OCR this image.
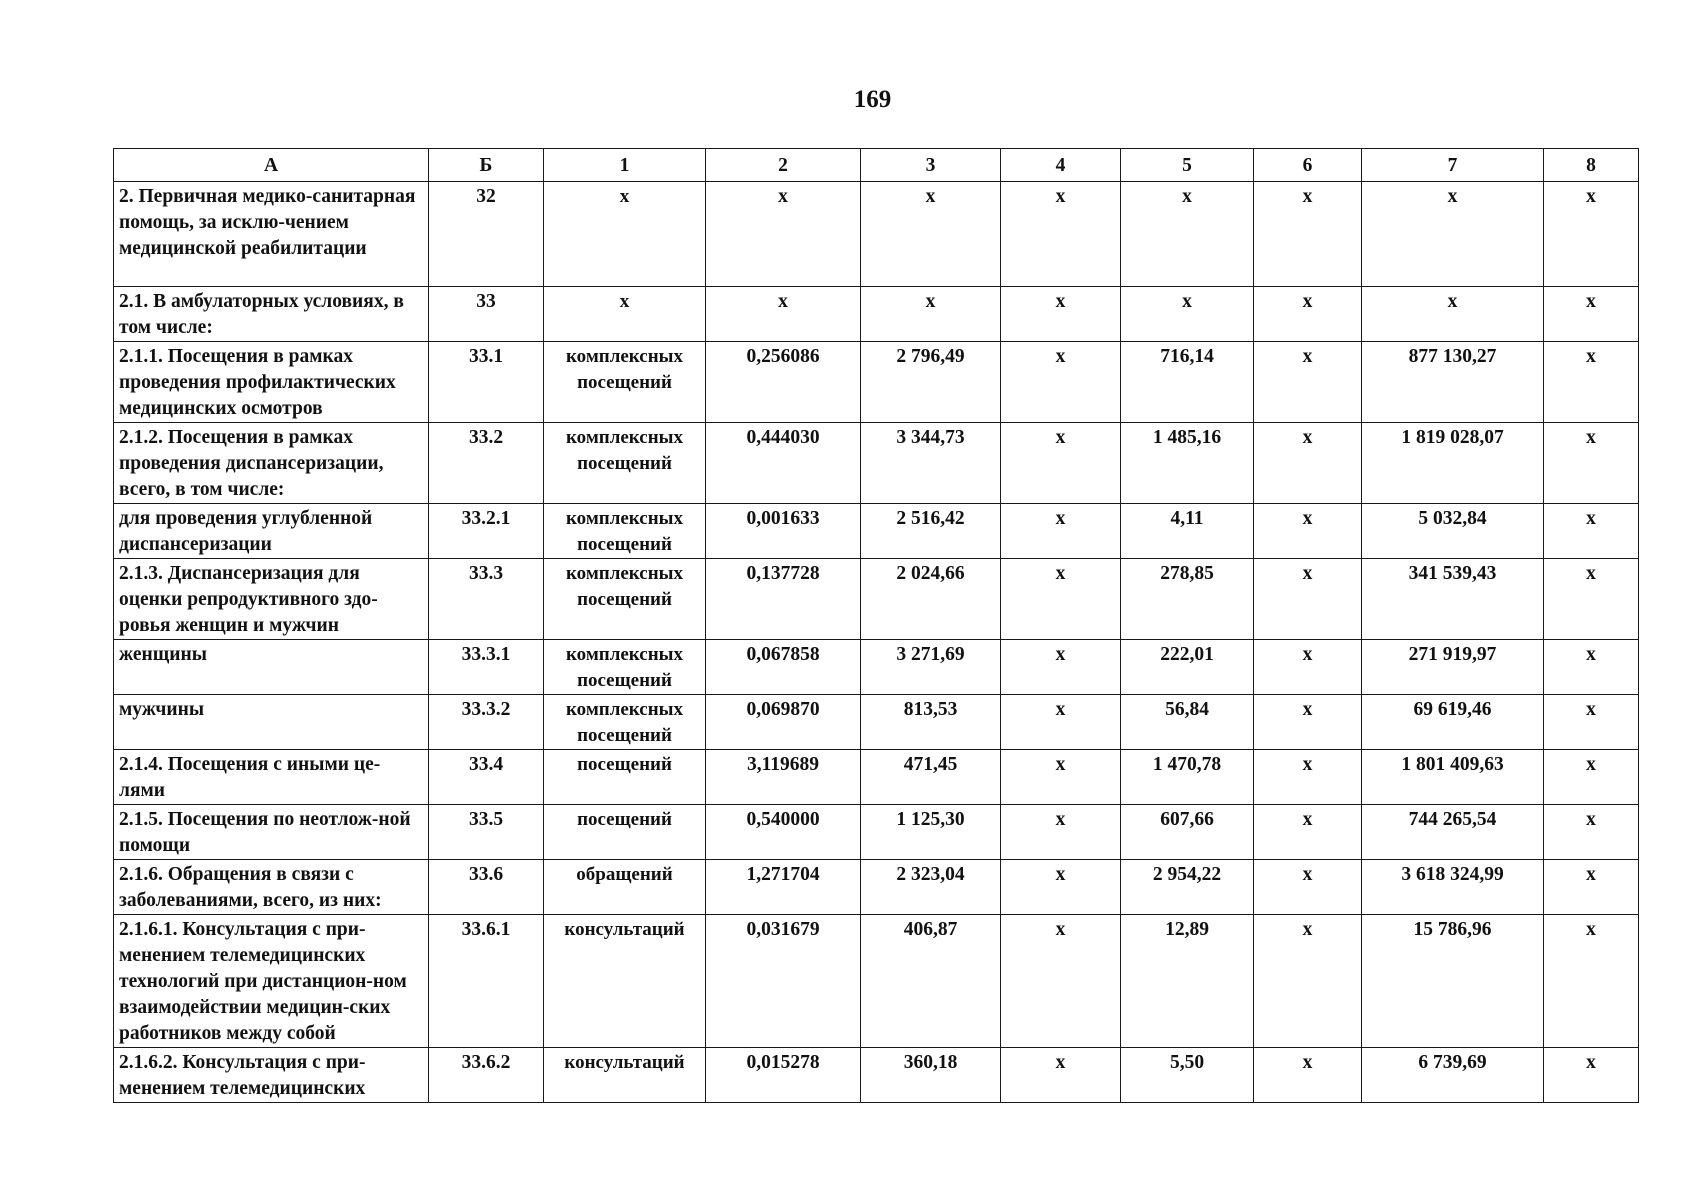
169
А	Б	1	2	3	4	5	6	7	8
2. Первичная медико-санитарная помощь, за исклю-чением медицинской реабилитации	32	х	х	х	х	х	х	х	х
2.1. В амбулаторных условиях, в том числе:	33	х	х	х	х	х	х	х	х
2.1.1. Посещения в рамках проведения профилактических медицинских осмотров	33.1	комплексных посещений	0,256086	2 796,49	х	716,14	х	877 130,27	х
2.1.2. Посещения в рамках проведения диспансеризации, всего, в том числе:	33.2	комплексных посещений	0,444030	3 344,73	х	1 485,16	х	1 819 028,07	х
для проведения углубленной диспансеризации	33.2.1	комплексных посещений	0,001633	2 516,42	х	4,11	х	5 032,84	х
2.1.3. Диспансеризация для оценки репродуктивного здо-ровья женщин и мужчин	33.3	комплексных посещений	0,137728	2 024,66	х	278,85	х	341 539,43	х
женщины	33.3.1	комплексных посещений	0,067858	3 271,69	х	222,01	х	271 919,97	х
мужчины	33.3.2	комплексных посещений	0,069870	813,53	х	56,84	х	69 619,46	х
2.1.4. Посещения с иными це-лями	33.4	посещений	3,119689	471,45	х	1 470,78	х	1 801 409,63	х
2.1.5. Посещения по неотлож-ной помощи	33.5	посещений	0,540000	1 125,30	х	607,66	х	744 265,54	х
2.1.6. Обращения в связи с заболеваниями, всего, из них:	33.6	обращений	1,271704	2 323,04	х	2 954,22	х	3 618 324,99	х
2.1.6.1. Консультация с при-менением телемедицинских технологий при дистанцион-ном взаимодействии медицин-ских работников между собой	33.6.1	консультаций	0,031679	406,87	х	12,89	х	15 786,96	х
2.1.6.2. Консультация с при-менением телемедицинских	33.6.2	консультаций	0,015278	360,18	х	5,50	х	6 739,69	х
